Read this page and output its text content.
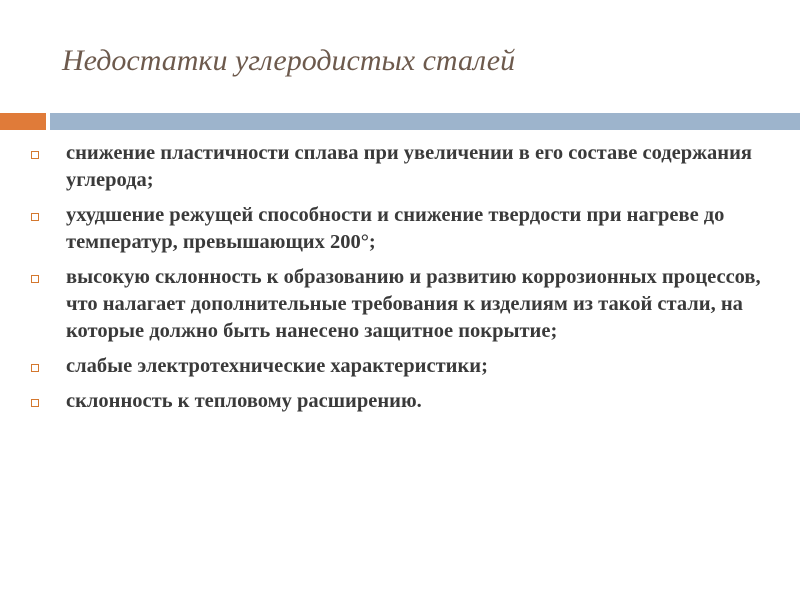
Недостатки углеродистых сталей
снижение пластичности сплава при увеличении в его составе содержания углерода;
ухудшение режущей способности и снижение твердости при нагреве до температур, превышающих 200°;
высокую склонность к образованию и развитию коррозионных процессов, что налагает дополнительные требования к изделиям из такой стали, на которые должно быть нанесено защитное покрытие;
слабые электротехнические характеристики;
склонность к тепловому расширению.
